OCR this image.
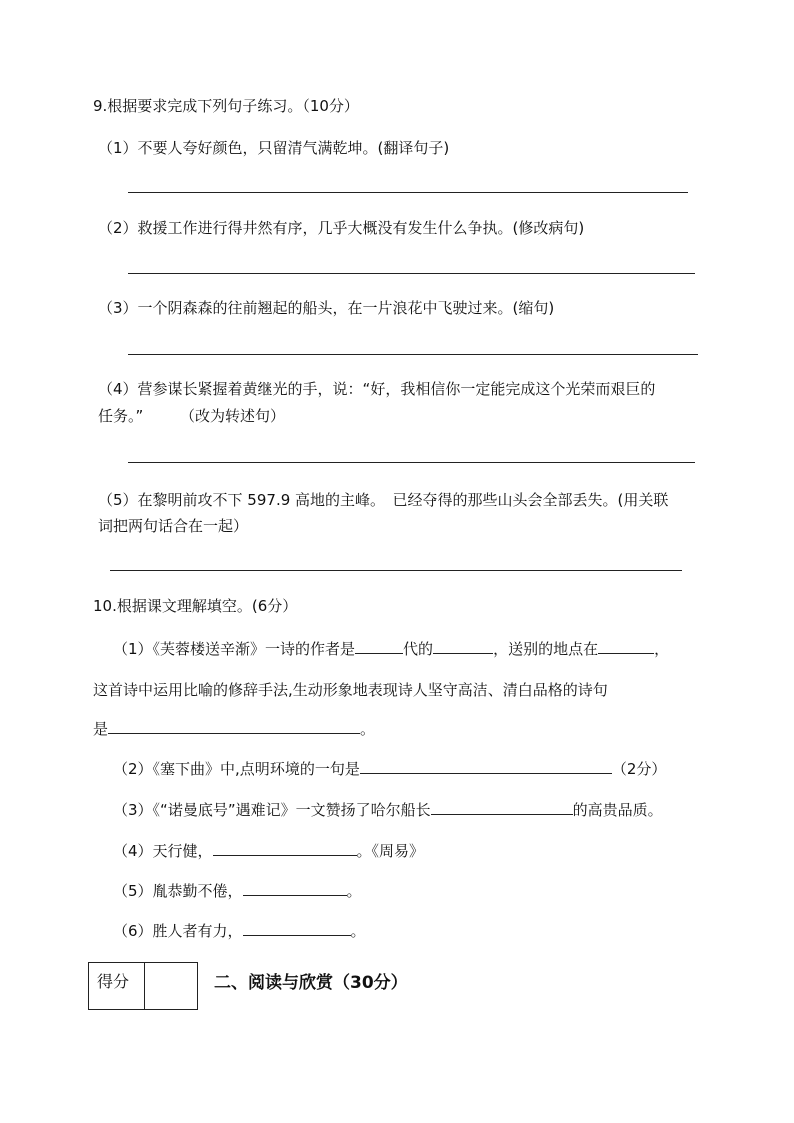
9.根据要求完成下列句子练习。（10分）
（1）不要人夸好颜色，只留清气满乾坤。(翻译句子)
（2）救援工作进行得井然有序，几乎大概没有发生什么争执。(修改病句)
（3）一个阴森森的往前翘起的船头，在一片浪花中飞驶过来。(缩句)
（4）营参谋长紧握着黄继光的手，说：“好，我相信你一定能完成这个光荣而艰巨的
任务。” （改为转述句）
（5）在黎明前攻不下 597.9 高地的主峰。　已经夺得的那些山头会全部丢失。(用关联
词把两句话合在一起）
10.根据课文理解填空。(6分）
（1）《芙蓉楼送辛渐》一诗的作者是	代的	，送别的地点在	，
这首诗中运用比喻的修辞手法,生动形象地表现诗人坚守高洁、清白品格的诗句
是	。
（2）《塞下曲》中,点明环境的一句是	（2分）
（3）《“诺曼底号”遇难记》一文赞扬了哈尔船长	的高贵品质。
（4）天行健，	。《周易》
（5）胤恭勤不倦，	。
（6）胜人者有力，	。
得分	二、阅读与欣赏（30分）
